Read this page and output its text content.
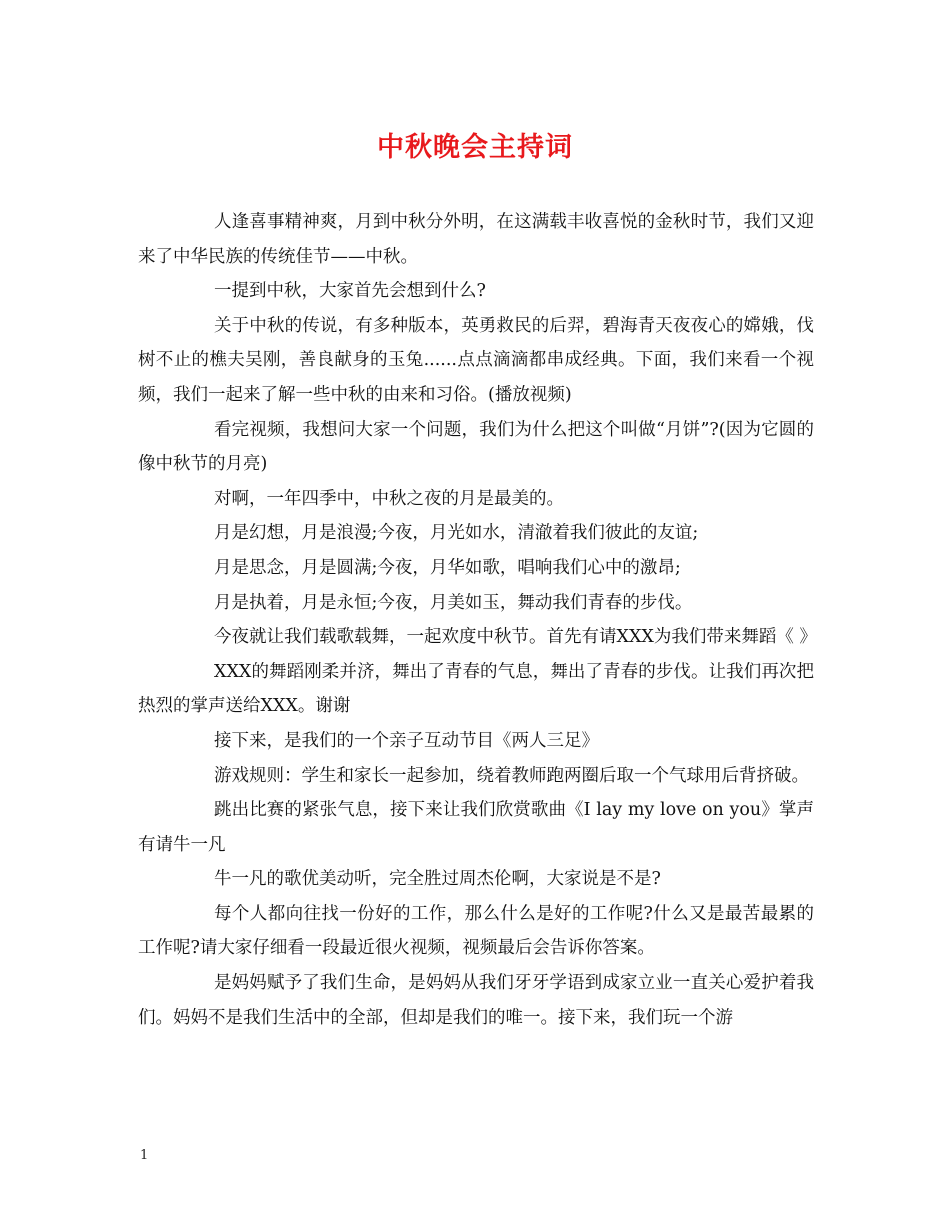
中秋晚会主持词

人逢喜事精神爽，月到中秋分外明，在这满载丰收喜悦的金秋时节，我们又迎来了中华民族的传统佳节——中秋。

一提到中秋，大家首先会想到什么?

关于中秋的传说，有多种版本，英勇救民的后羿，碧海青天夜夜心的嫦娥，伐树不止的樵夫吴刚，善良献身的玉兔......点点滴滴都串成经典。下面，我们来看一个视频，我们一起来了解一些中秋的由来和习俗。(播放视频)

看完视频，我想问大家一个问题，我们为什么把这个叫做“月饼”?(因为它圆的像中秋节的月亮)

对啊，一年四季中，中秋之夜的月是最美的。

月是幻想，月是浪漫;今夜，月光如水，清澈着我们彼此的友谊;

月是思念，月是圆满;今夜，月华如歌，唱响我们心中的激昂;

月是执着，月是永恒;今夜，月美如玉，舞动我们青春的步伐。

今夜就让我们载歌载舞，一起欢度中秋节。首先有请XXX为我们带来舞蹈《 》

XXX的舞蹈刚柔并济，舞出了青春的气息，舞出了青春的步伐。让我们再次把热烈的掌声送给XXX。谢谢

接下来，是我们的一个亲子互动节目《两人三足》

游戏规则：学生和家长一起参加，绕着教师跑两圈后取一个气球用后背挤破。

跳出比赛的紧张气息，接下来让我们欣赏歌曲《I lay my love on you》掌声有请牛一凡

牛一凡的歌优美动听，完全胜过周杰伦啊，大家说是不是?

每个人都向往找一份好的工作，那么什么是好的工作呢?什么又是最苦最累的工作呢?请大家仔细看一段最近很火视频，视频最后会告诉你答案。

是妈妈赋予了我们生命，是妈妈从我们牙牙学语到成家立业一直关心爱护着我们。妈妈不是我们生活中的全部，但却是我们的唯一。接下来，我们玩一个游

1
